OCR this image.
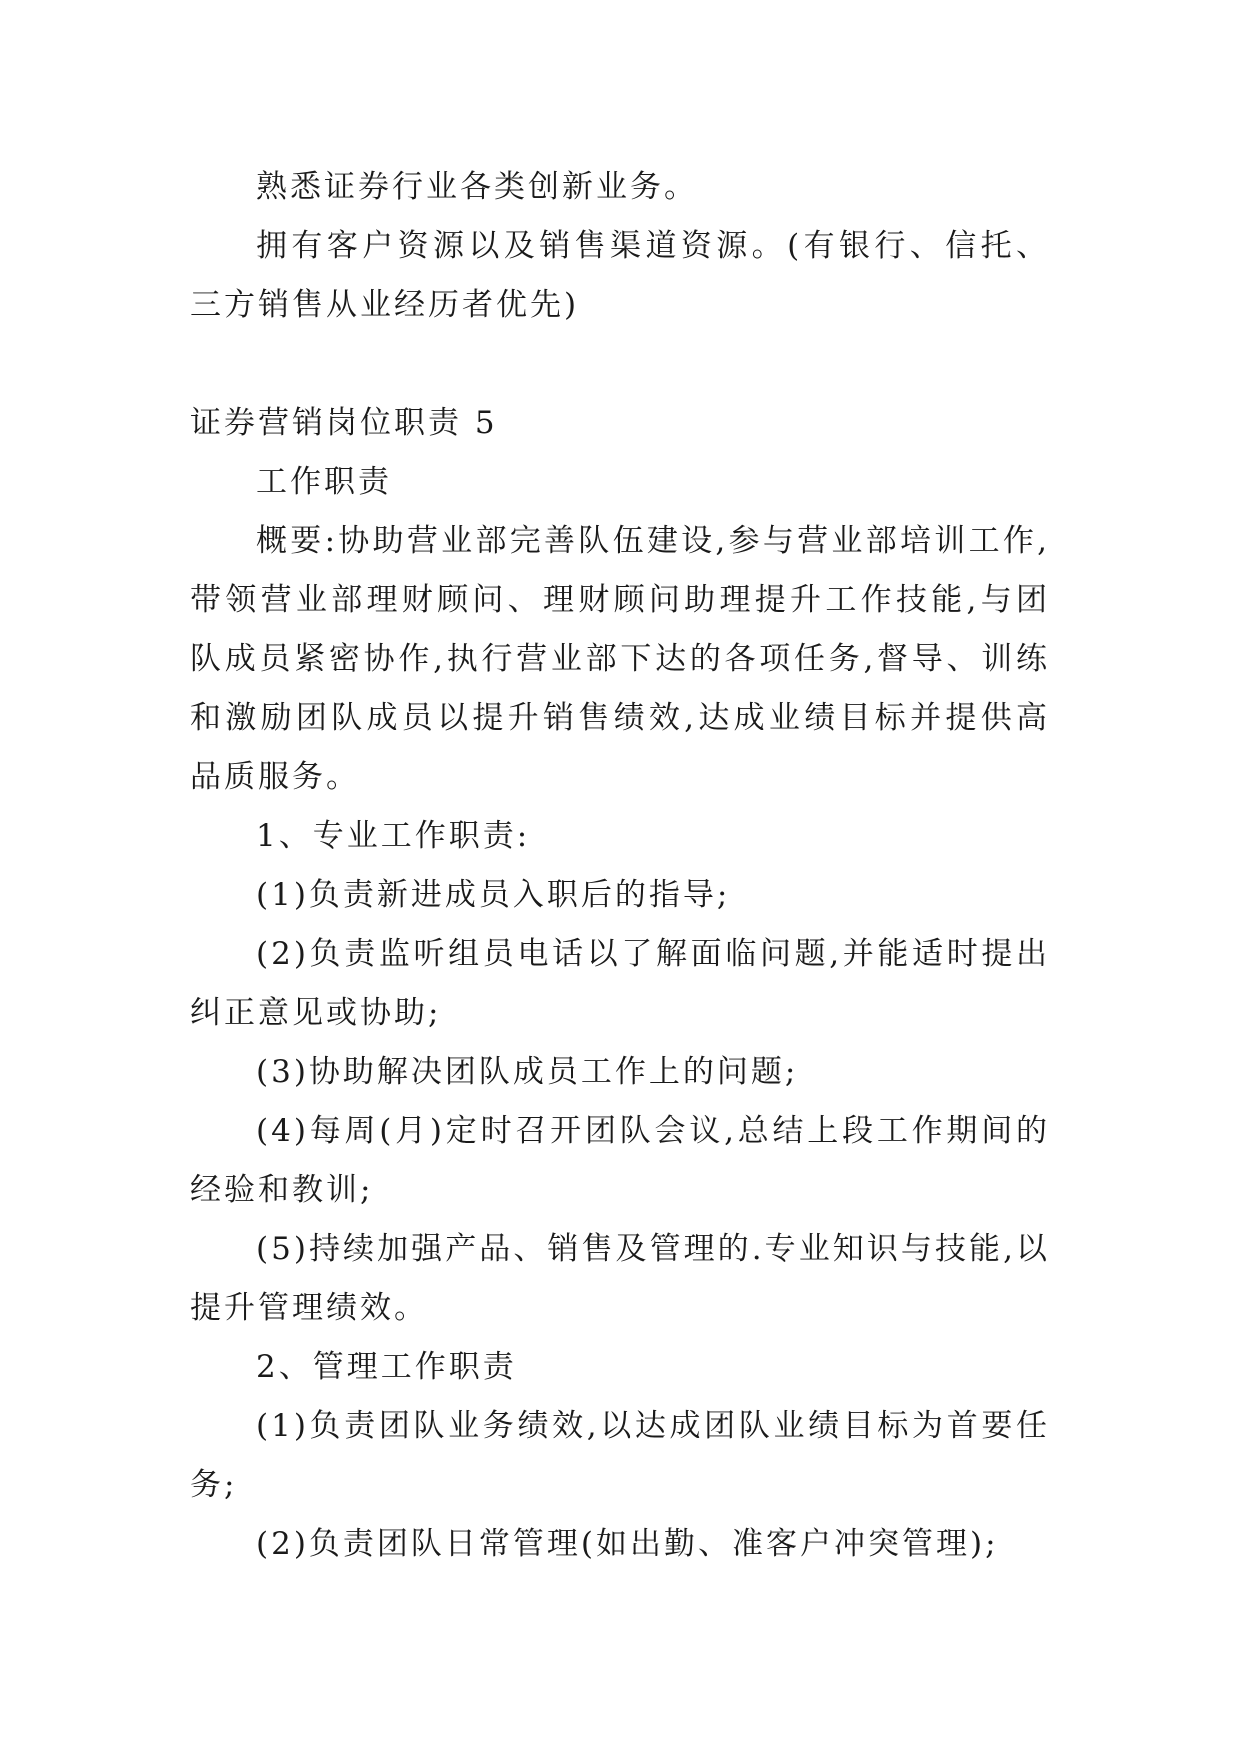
熟悉证券行业各类创新业务。

拥有客户资源以及销售渠道资源。(有银行、信托、三方销售从业经历者优先)

证券营销岗位职责 5

工作职责

概要:协助营业部完善队伍建设,参与营业部培训工作,带领营业部理财顾问、理财顾问助理提升工作技能,与团队成员紧密协作,执行营业部下达的各项任务,督导、训练和激励团队成员以提升销售绩效,达成业绩目标并提供高品质服务。

1、专业工作职责:

(1)负责新进成员入职后的指导;

(2)负责监听组员电话以了解面临问题,并能适时提出纠正意见或协助;

(3)协助解决团队成员工作上的问题;

(4)每周(月)定时召开团队会议,总结上段工作期间的经验和教训;

(5)持续加强产品、销售及管理的.专业知识与技能,以提升管理绩效。

2、管理工作职责

(1)负责团队业务绩效,以达成团队业绩目标为首要任务;

(2)负责团队日常管理(如出勤、准客户冲突管理);
